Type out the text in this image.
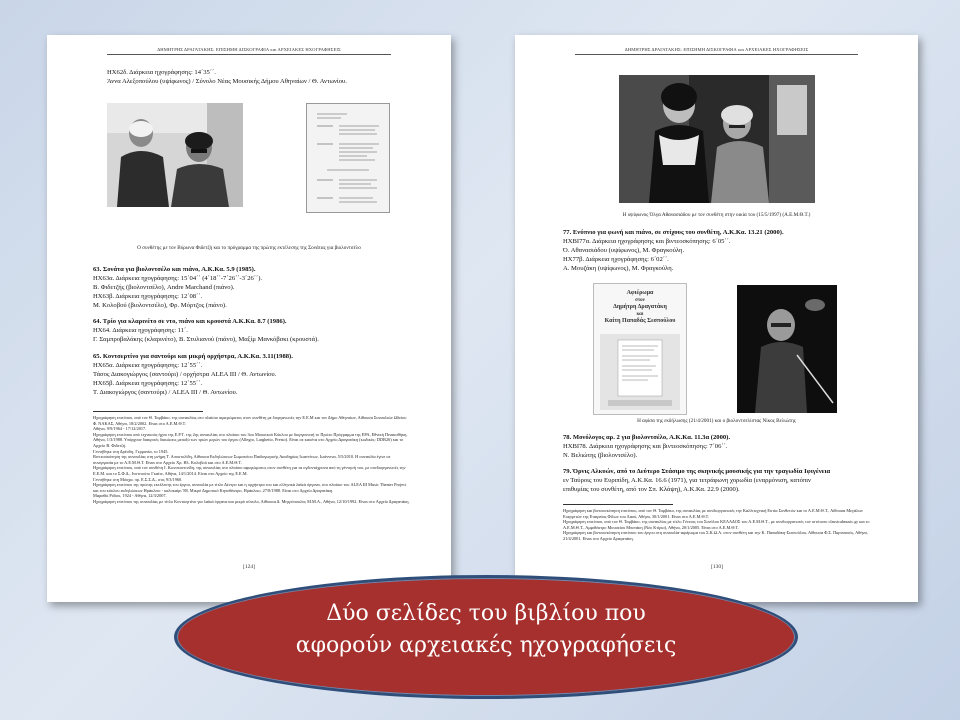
ΔΗΜΗΤΡΗΣ ΔΡΑΓΑΤΑΚΗΣ: ΕΠΙΣΗΜΗ ΔΙΣΚΟΓΡΑΦΙΑ και ΑΡΧΕΙΑΚΕΣ ΗΧΟΓΡΑΦΗΣΕΙΣ
HX62δ. Διάρκεια ηχογράφησης: 14΄35΄΄.
Άννα Αλεξοπούλου (υψίφωνος) / Σύνολο Νέας Μουσικής Δήμου Αθηναίων / Θ. Αντωνίου.
Ο συνθέτης με τον Βύρωνα Φιδετζή και το πρόγραμμα της πρώτης εκτέλεσης της Σονάτας για βιολοντσέλο
63. Σονάτα για βιολοντσέλο και πιάνο, Α.Κ.Κα. 5.9 (1985).
HX63α. Διάρκεια ηχογράφησης: 15΄04΄΄ (4΄18΄΄-7΄26΄΄-3΄26΄΄).
Β. Φιδετζής (βιολοντσέλο), Andre Marchand (πιάνο).
HX63β. Διάρκεια ηχογράφησης: 12΄08΄΄.
Μ. Κολοβού (βιολοντσέλο), Φρ. Μόρτζος (πιάνο).
64. Τρίο για κλαρινέτο σε ντο, πιάνο και κρουστά Α.Κ.Κα. 8.7 (1986).
HX64. Διάρκεια ηχογράφησης: 11΄.
Γ. Σαμπροβαλάκης (κλαρινέτο), Β. Στυλιανού (πιάνο), Μαξίμ Μανκόβσκι (κρουστά).
65. Κοντσερτίνο για σαντούρι και μικρή ορχήστρα, Α.Κ.Κα. 3.11(1988).
HX65α. Διάρκεια ηχογράφησης: 12΄55΄΄.
Τάσος Διακογιώργος (σαντούρι) / ορχήστρα ALEA III / Θ. Αντωνίου.
HX65β. Διάρκεια ηχογράφησης: 12΄55΄΄.
Τ. Διακογιώργος (σαντούρι) / ALEA III / Θ. Αντωνίου.
Ηχογράφηση επιτόπου, από τον Θ. Ταμβάκο, της συναυλίας στο πλαίσιο αφιερώματος στον συνθέτη με διοργανωτές την Ε.Ε.Μ και τον Δήμο Αθηναίων, Αίθουσα Συναυλιών Ωδείου Φ. ΝΑΚΑΣ, Αθήνα, 18/2/2002. Είναι στο Α.Ε.Μ.Θ.Τ.
Αθήνα, 9/9/1964 - 17/12/2017.
Ηχογράφηση επιτόπου από τεχνικούς ήχου της Ε.Ρ.Τ. της 2ης συναυλίας στο πλαίσιο του 3ου Μουσικού Κύκλου με διοργανωτή το Πρώτο Πρόγραμμα της ΕΡΑ, Εθνική Πινακοθήκη, Αθήνα, 1/3/1988. Υπάρχουν διακριτές διαιώσεις μεταξύ των τριών μερών του έργου (Allegro, Larghetto, Presto). Είναι σε κασέτα στο Αρχείο Δραγατάκη (κωδικός: DDR26) και το Αρχείο Β. Φιδετζή.
Γεννήθηκε στη Δρέσδη, Γερμανία, το 1945.
Βιντεοσκόπηση της συναυλίας στη μνήμη Τ. Αποστολίδη, Αίθουσα Εκδηλώσεων Σωματείου Παιδαγωγικής Ακαδημίας Ιωαννίνων, Ιωάννινα, 5/5/2010. Η συναυλία έγινε σε συνεργασία με το Α.Ε.Μ.Θ.Τ. Είναι στο Αρχείο Χρ. Ηλ. Κολοβού και στο Α.Ε.Μ.Θ.Τ.
Ηχογράφηση επιτόπου, από τον συνθέτη Ι. Κωνσταντινίδη, της συναυλίας στο πλαίσιο αφιερώματος στον συνθέτη για τα ογδοντάχρονα από τη γέννησή του, με συνδιοργανωτές την Ε.Ε.Μ. και το Σ.Φ.Δ., Ινστιτούτο Γκαίτε, Αθήνα, 14/1/2014. Είναι στο Αρχείο της Ε.Ε.Μ.
Γεννήθηκε στη Μόσχα, πρ. Ε.Σ.Σ.Δ., στις 9/3/1960.
Ηχογράφηση επιτόπου της πρώτης εκτέλεσης του έργου, συναυλία με τίτλο Δέντρο και η ορχήστρα του και ελληνικά λαϊκά όργανα, στο πλαίσιο του ALEA III Music Theater Project και του κύκλου εκδηλώσεων Ηράκλειο - καλοκαίρι '88, Μικρό Δημοτικό Κηποθέατρο, Ηράκλειο, 27/8/1988. Είναι στο Αρχείο Δραγατάκη.
Μαραθώ Ρόδου, 1924 - Αθήνα, 12/3/2007.
Ηχογράφηση επιτόπου της συναυλίας με τίτλο Κοντσερτίνο για λαϊκά όργανα και μικρό σύνολο, Αίθουσα Δ. Μητρόπουλος Μ.Μ.Α., Αθήνα, 12/10/1992. Είναι στο Αρχείο Δραγατάκη.
[124]
ΔΗΜΗΤΡΗΣ ΔΡΑΓΑΤΑΚΗΣ: ΕΠΙΣΗΜΗ ΔΙΣΚΟΓΡΑΦΙΑ και ΑΡΧΕΙΑΚΕΣ ΗΧΟΓΡΑΦΗΣΕΙΣ
Η υψίφωνος Όλγα Αθανασιάδου με τον συνθέτη στην οικία του (15/5/1997) (Α.Ε.Μ.Θ.Τ.)
77. Ενύπνιο για φωνή και πιάνο, σε στίχους του συνθέτη, Α.Κ.Κα. 13.21 (2000).
HXBI77α. Διάρκεια ηχογράφησης και βιντεοσκόπησης: 6΄05΄΄.
Ό. Αθανασιάδου (υψίφωνος), Μ. Φραγκούλη.
HX77β. Διάρκεια ηχογράφησης: 6΄02΄΄.
Α. Μουζάκη (υψίφωνος), Μ. Φραγκούλη.
Αφιέρωμα
στον
Δημήτρη Δραγατάκη
και
Καίτη Παπαδάς Σεσπούλου
Η αφίσα της εκδήλωσης (21/4/2001) και ο βιολοντσελίστας Νίκος Βελιώτης
78. Μονόλογος αρ. 2 για βιολοντσέλο, Α.Κ.Κα. 11.3α (2000).
HXBI78. Διάρκεια ηχογράφησης και βιντεοσκόπησης: 7΄06΄΄.
Ν. Βελιώτης (βιολοντσέλο).
79. Όρνις Αλκυών, από το Δεύτερο Στάσιμο της σκηνικής μουσικής για την τραγωδία Ιφιγένεια
εν Ταύροις του Ευριπίδη, Α.Κ.Κα. 16.6 (1971), για τετράφωνη χορωδία (εναρμόνιση, κατόπιν
επιθυμίας του συνθέτη, από τον Σπ. Κλάψη), Α.Κ.Κα. 22.9 (2000).
Ηχογράφηση και βιντεοσκόπηση επιτόπου, από τον Θ. Ταμβάκο, της συναυλίας με συνδιοργανωτές την Καλλιτεχνική Εστία Συνθετών και το Α.Ε.Μ.Θ.Τ., Αίθουσα Μεγάλων Ευεργετών της Εταιρείας Φίλων του Λαού, Αθήνα, 30/1/2001. Είναι στο Α.Ε.Μ.Θ.Τ.
Ηχογράφηση επιτόπου, από τον Θ. Ταμβάκο, της συναυλίας με τίτλο Γένεσις του Συνόλου ΚΕΛΑΔΟΣ του Α.Ε.Μ.Θ.Τ., με συνδιοργανωτές τον ιστότοπο classicalmusic.gr και το Α.Ε.Μ.Θ.Τ., Αμφιθέατρο Μουσείου Μπενάκη (Νέο Κτίριο), Αθήνα, 20/1/2005. Είναι στο Α.Ε.Μ.Θ.Τ.
Ηχογράφηση και βιντεοσκόπηση επιτόπου του έργου στη συναυλία-αφιέρωμα του Σ.Κ.Ω.Α. στον συνθέτη και την Κ. Παπαδάκη-Σεσπούλου, Αίθουσα Φ.Σ. Παρνασσός, Αθήνα, 21/4/2001. Είναι στο Αρχείο Δραγατάκη.
[130]
Δύο σελίδες του βιβλίου που
αφορούν αρχειακές ηχογραφήσεις
